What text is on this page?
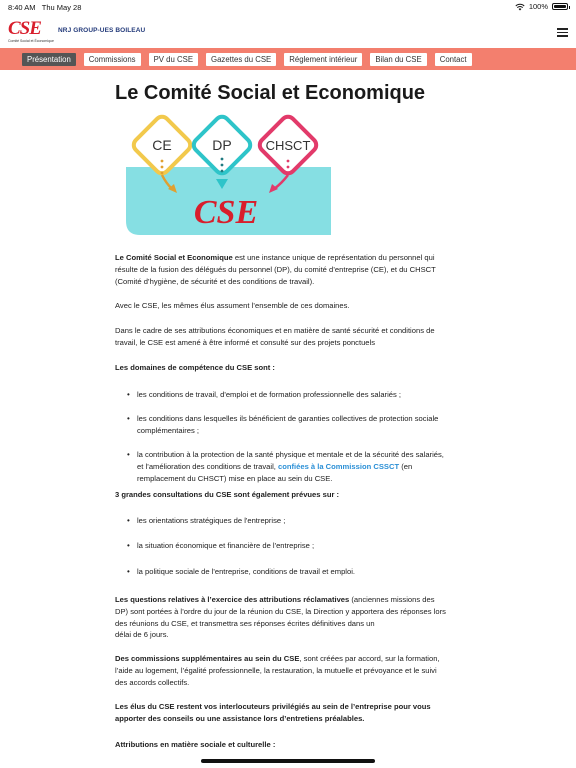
8:40 AM Thu May 28	100%
CSE
Comité Social et Économique
NRJ GROUP-UES BOILEAU
Présentation	Commissions	PV du CSE	Gazettes du CSE	Réglement intérieur	Bilan du CSE	Contact
Le Comité Social et Economique
CE	DP	CHSCT
CSE

Le Comité Social et Economique est une instance unique de représentation du personnel qui

résulte de la fusion des délégués du personnel (DP), du comité d’entreprise (CE), et du CHSCT

(Comité d’hygiène, de sécurité et des conditions de travail).

Avec le CSE, les mêmes élus assument l’ensemble de ces domaines.

Dans le cadre de ses attributions économiques et en matière de santé sécurité et conditions de

travail, le CSE est amené à être informé et consulté sur des projets ponctuels

Les domaines de compétence du CSE sont :

• les conditions de travail, d'emploi et de formation professionnelle des salariés ;
• les conditions dans lesquelles ils bénéficient de garanties collectives de protection sociale
complémentaires ;
• la contribution à la protection de la santé physique et mentale et de la sécurité des salariés,
et l’amélioration des conditions de travail, confiées à la Commission CSSCT (en
remplacement du CHSCT) mise en place au sein du CSE.

3 grandes consultations du CSE sont également prévues sur :

• les orientations stratégiques de l'entreprise ;
• la situation économique et financière de l'entreprise ;
• la politique sociale de l'entreprise, conditions de travail et emploi.

Les questions relatives à l’exercice des attributions réclamatives (anciennes missions des

DP) sont portées à l’ordre du jour de la réunion du CSE, la Direction y apportera des réponses lors

des réunions du CSE, et transmettra ses réponses écrites définitives dans un

délai de 6 jours.

Des commissions supplémentaires au sein du CSE, sont créées par accord, sur la formation,

l’aide au logement, l’égalité professionnelle, la restauration, la mutuelle et prévoyance et le suivi

des accords collectifs.

Les élus du CSE restent vos interlocuteurs privilégiés au sein de l’entreprise pour vous

apporter des conseils ou une assistance lors d’entretiens préalables.

Attributions en matière sociale et culturelle :
